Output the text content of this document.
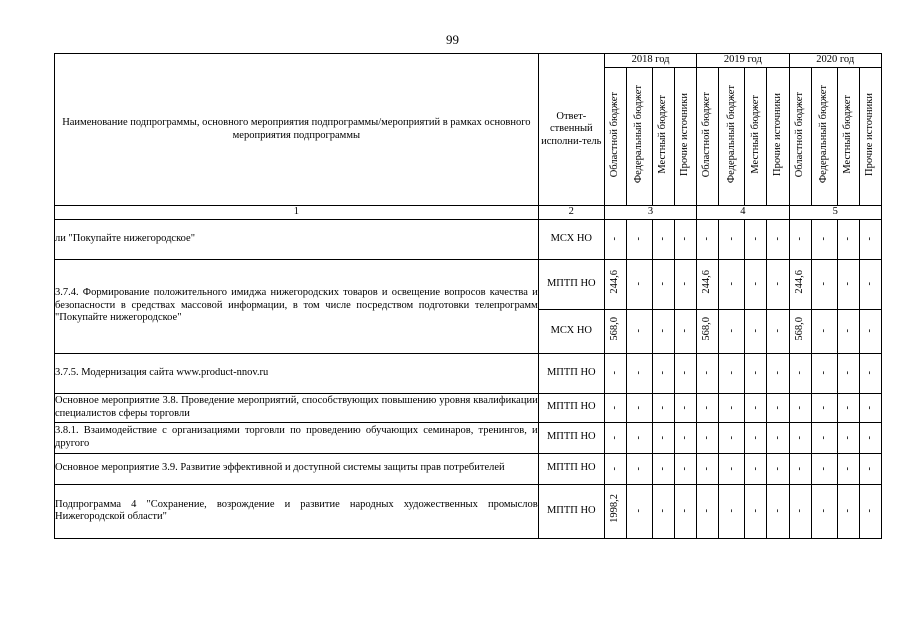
99
Наименование подпрограммы, основного мероприятия подпрограммы/мероприятий в рамках основного мероприятия подпрограммы	Ответ-ственный исполни-тель	2018 год				2019 год				2020 год			
		Областной бюджет	Федеральный бюджет	Местный бюджет	Прочие источники	Областной бюджет	Федеральный бюджет	Местный бюджет	Прочие источники	Областной бюджет	Федеральный бюджет	Местный бюджет	Прочие источники
1	2	3				4				5			
ли "Покупайте нижегородское"	МСХ НО	-	-	-	-	-	-	-	-	-	-	-	-
3.7.4. Формирование положительного имиджа нижегородских товаров и освещение вопросов качества и безопасности в средствах массовой информации, в том числе посредством подготовки телепрограмм "Покупайте нижегородское"	МПТП НО	244,6	-	-	-	244,6	-	-	-	244,6	-	-	-
	МСХ НО	568,0	-	-	-	568,0	-	-	-	568,0	-	-	-
3.7.5. Модернизация сайта www.product-nnov.ru	МПТП НО	-	-	-	-	-	-	-	-	-	-	-	-
Основное мероприятие 3.8. Проведение мероприятий, способствующих повышению уровня квалификации специалистов сферы торговли	МПТП НО	-	-	-	-	-	-	-	-	-	-	-	-
3.8.1. Взаимодействие с организациями торговли по проведению обучающих семинаров, тренингов, и другого	МПТП НО	-	-	-	-	-	-	-	-	-	-	-	-
Основное мероприятие 3.9. Развитие эффективной и доступной системы защиты прав потребителей	МПТП НО	-	-	-	-	-	-	-	-	-	-	-	-
Подпрограмма 4 "Сохранение, возрождение и развитие народных художественных промыслов Нижегородской области"	МПТП НО	1998,2	-	-	-	-	-	-	-	-	-	-	-
